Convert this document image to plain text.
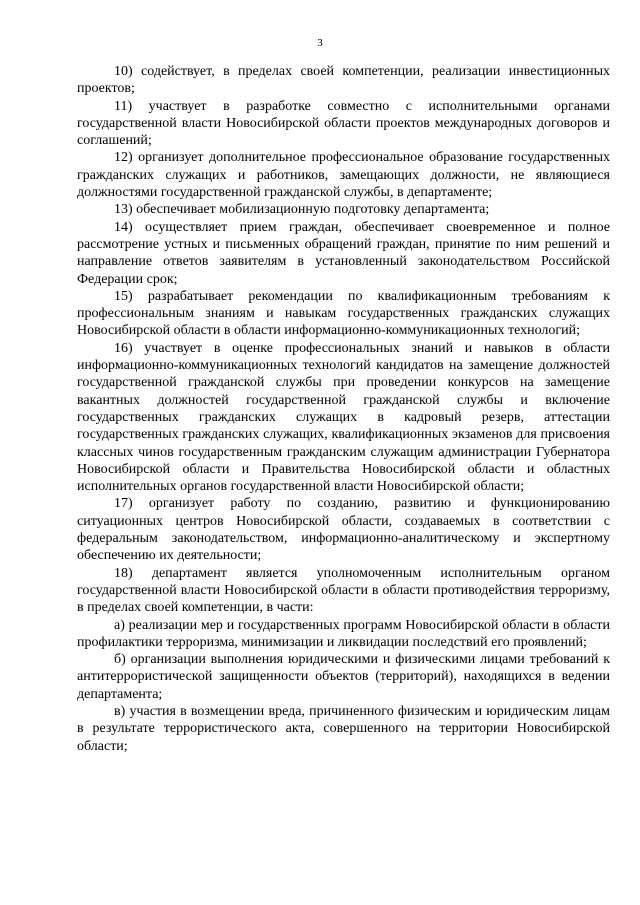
3

10) содействует, в пределах своей компетенции, реализации инвестиционных проектов;

11) участвует в разработке совместно с исполнительными органами государственной власти Новосибирской области проектов международных договоров и соглашений;

12) организует дополнительное профессиональное образование государственных гражданских служащих и работников, замещающих должности, не являющиеся должностями государственной гражданской службы, в департаменте;

13) обеспечивает мобилизационную подготовку департамента;

14) осуществляет прием граждан, обеспечивает своевременное и полное рассмотрение устных и письменных обращений граждан, принятие по ним решений и направление ответов заявителям в установленный законодательством Российской Федерации срок;

15) разрабатывает рекомендации по квалификационным требованиям к профессиональным знаниям и навыкам государственных гражданских служащих Новосибирской области в области информационно-коммуникационных технологий;

16) участвует в оценке профессиональных знаний и навыков в области информационно-коммуникационных технологий кандидатов на замещение должностей государственной гражданской службы при проведении конкурсов на замещение вакантных должностей государственной гражданской службы и включение государственных гражданских служащих в кадровый резерв, аттестации государственных гражданских служащих, квалификационных экзаменов для присвоения классных чинов государственным гражданским служащим администрации Губернатора Новосибирской области и Правительства Новосибирской области и областных исполнительных органов государственной власти Новосибирской области;

17) организует работу по созданию, развитию и функционированию ситуационных центров Новосибирской области, создаваемых в соответствии с федеральным законодательством, информационно-аналитическому и экспертному обеспечению их деятельности;

18) департамент является уполномоченным исполнительным органом государственной власти Новосибирской области в области противодействия терроризму, в пределах своей компетенции, в части:

а) реализации мер и государственных программ Новосибирской области в области профилактики терроризма, минимизации и ликвидации последствий его проявлений;

б) организации выполнения юридическими и физическими лицами требований к антитеррористической защищенности объектов (территорий), находящихся в ведении департамента;

в) участия в возмещении вреда, причиненного физическим и юридическим лицам в результате террористического акта, совершенного на территории Новосибирской области;
